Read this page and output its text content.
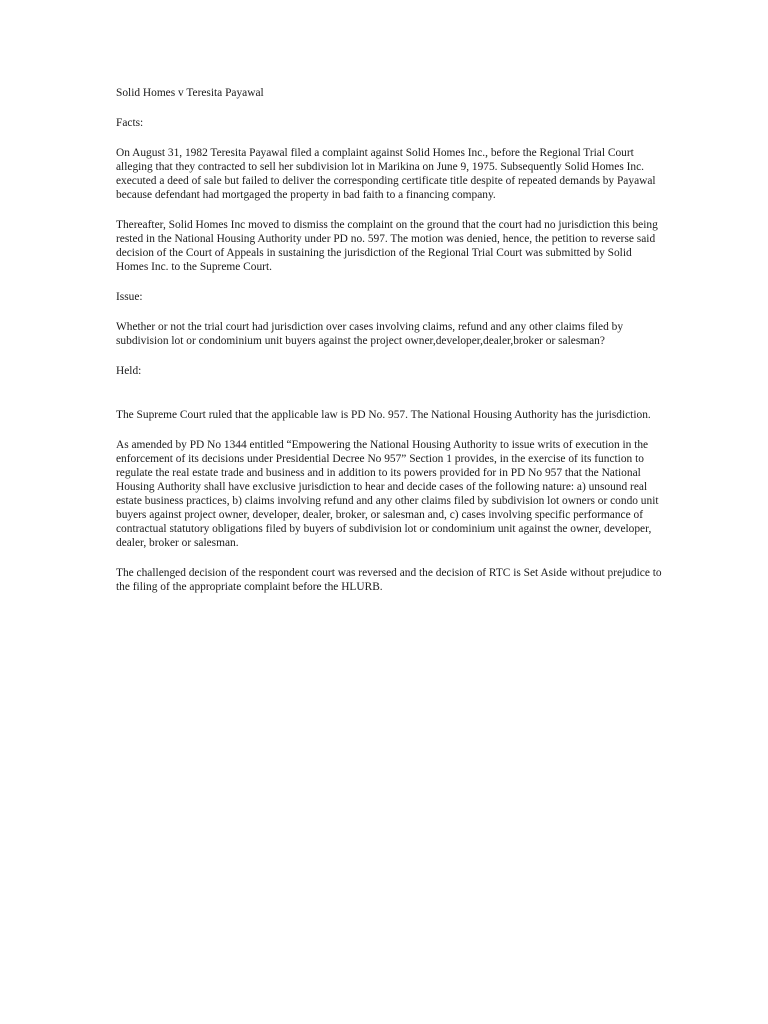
Solid Homes v Teresita Payawal

Facts:

On August 31, 1982 Teresita Payawal filed a complaint against Solid Homes Inc., before the Regional Trial Court alleging that they contracted to sell her subdivision lot in Marikina on June 9, 1975. Subsequently Solid Homes Inc. executed a deed of sale but failed to deliver the corresponding certificate title despite of repeated demands by Payawal because defendant had mortgaged the property in bad faith to a financing company.

Thereafter, Solid Homes Inc moved to dismiss the complaint on the ground that the court had no jurisdiction this being rested in the National Housing Authority under PD no. 597. The motion was denied, hence, the petition to reverse said decision of the Court of Appeals in sustaining the jurisdiction of the Regional Trial Court was submitted by Solid Homes Inc. to the Supreme Court.

Issue:

Whether or not the trial court had jurisdiction over cases involving claims, refund and any other claims filed by subdivision lot or condominium unit buyers against the project owner,developer,dealer,broker or salesman?

Held:

The Supreme Court ruled that the applicable law is PD No. 957. The National Housing Authority has the jurisdiction.

As amended by PD No 1344 entitled “Empowering the National Housing Authority to issue writs of execution in the enforcement of its decisions under Presidential Decree No 957” Section 1 provides, in the exercise of its function to regulate the real estate trade and business and in addition to its powers provided for in PD No 957 that the National Housing Authority shall have exclusive jurisdiction to hear and decide cases of the following nature: a) unsound real estate business practices, b) claims involving refund and any other claims filed by subdivision lot owners or condo unit buyers against project owner, developer, dealer, broker, or salesman and, c) cases involving specific performance of contractual statutory obligations filed by buyers of subdivision lot or condominium unit against the owner, developer, dealer, broker or salesman.

The challenged decision of the respondent court was reversed and the decision of RTC is Set Aside without prejudice to the filing of the appropriate complaint before the HLURB.
